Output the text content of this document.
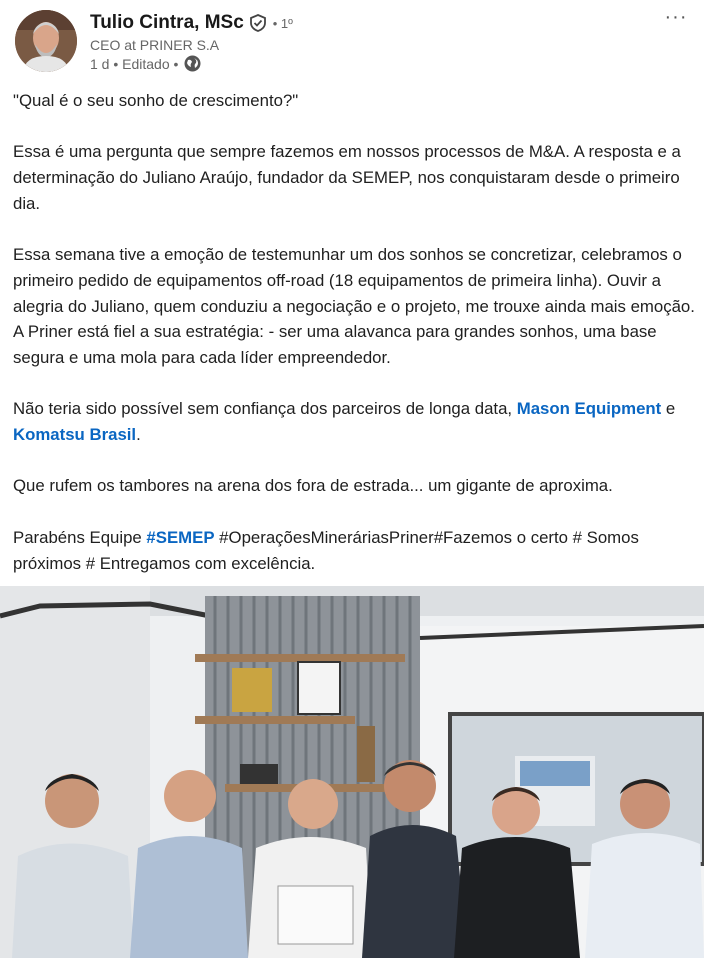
Tulio Cintra, MSc • 1º
CEO at PRINER S.A
1 d • Editado •
···

"Qual é o seu sonho de crescimento?"

Essa é uma pergunta que sempre fazemos em nossos processos de M&A. A resposta e a determinação do Juliano Araújo, fundador da SEMEP, nos conquistaram desde o primeiro dia.

Essa semana tive a emoção de testemunhar um dos sonhos se concretizar, celebramos o primeiro pedido de equipamentos off-road (18 equipamentos de primeira linha). Ouvir a alegria do Juliano, quem conduziu a negociação e o projeto, me trouxe ainda mais emoção. A Priner está fiel a sua estratégia: - ser uma alavanca para grandes sonhos, uma base segura e uma mola para cada líder empreendedor.

Não teria sido possível sem confiança dos parceiros de longa data, Mason Equipment e Komatsu Brasil.

Que rufem os tambores na arena dos fora de estrada... um gigante de aproxima.

Parabéns Equipe #SEMEP #OperaçõesMineráriasPriner#Fazemos o certo # Somos próximos # Entregamos com excelência.
